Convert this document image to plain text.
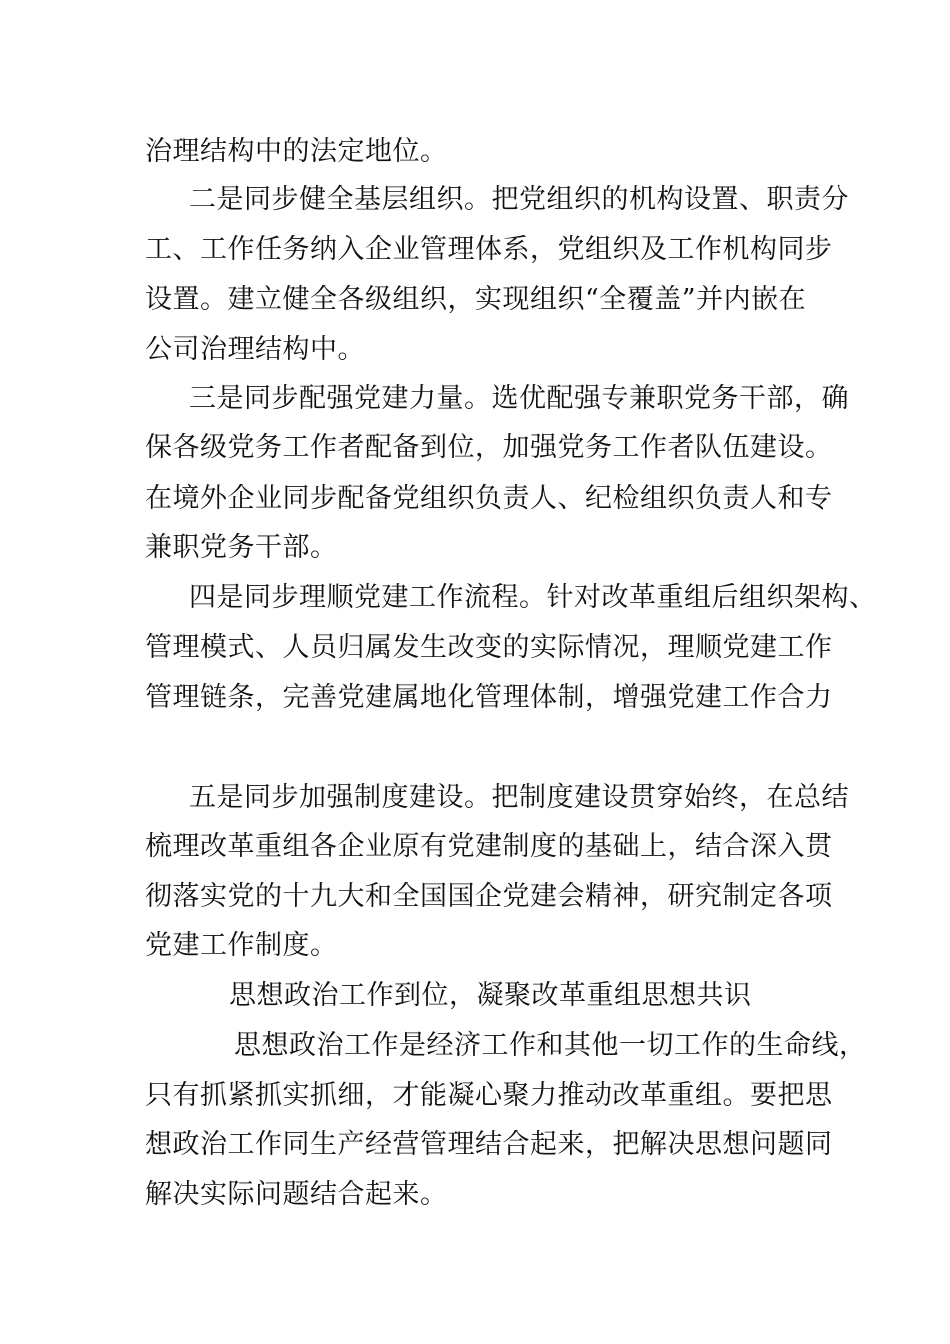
治理结构中的法定地位。
二是同步健全基层组织。把党组织的机构设置、职责分
工、工作任务纳入企业管理体系，党组织及工作机构同步
设置。建立健全各级组织，实现组织“全覆盖”并内嵌在
公司治理结构中。
三是同步配强党建力量。选优配强专兼职党务干部，确
保各级党务工作者配备到位，加强党务工作者队伍建设。
在境外企业同步配备党组织负责人、纪检组织负责人和专
兼职党务干部。
四是同步理顺党建工作流程。针对改革重组后组织架构、
管理模式、人员归属发生改变的实际情况，理顺党建工作
管理链条，完善党建属地化管理体制，增强党建工作合力
五是同步加强制度建设。把制度建设贯穿始终，在总结
梳理改革重组各企业原有党建制度的基础上，结合深入贯
彻落实党的十九大和全国国企党建会精神，研究制定各项
党建工作制度。
思想政治工作到位，凝聚改革重组思想共识
思想政治工作是经济工作和其他一切工作的生命线，
只有抓紧抓实抓细，才能凝心聚力推动改革重组。要把思
想政治工作同生产经营管理结合起来，把解决思想问题同
解决实际问题结合起来。
